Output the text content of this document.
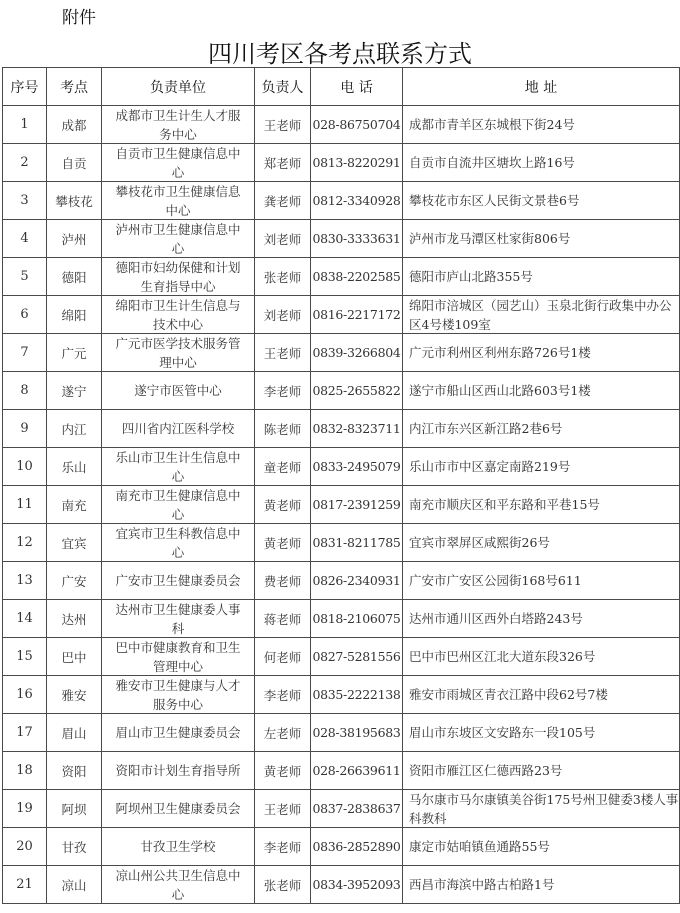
附件
四川考区各考点联系方式
序号	考点	负责单位	负责人	电 话	地 址
1	成都	成都市卫生计生人才服务中心	王老师	028-86750704	成都市青羊区东城根下街24号

2	自贡	自贡市卫生健康信息中心	郑老师	0813-8220291	自贡市自流井区塘坎上路16号

3	攀枝花	攀枝花市卫生健康信息中心	龚老师	0812-3340928	攀枝花市东区人民街文景巷6号

4	泸州	泸州市卫生健康信息中心	刘老师	0830-3333631	泸州市龙马潭区杜家街806号

5	德阳	德阳市妇幼保健和计划生育指导中心	张老师	0838-2202585	德阳市庐山北路355号

6	绵阳	绵阳市卫生计生信息与技术中心	刘老师	0816-2217172	绵阳市涪城区（园艺山）玉泉北街行政集中办公区4号楼109室

7	广元	广元市医学技术服务管理中心	王老师	0839-3266804	广元市利州区利州东路726号1楼

8	遂宁	遂宁市医管中心	李老师	0825-2655822	遂宁市船山区西山北路603号1楼

9	内江	四川省内江医科学校	陈老师	0832-8323711	内江市东兴区新江路2巷6号

10	乐山	乐山市卫生计生信息中心	童老师	0833-2495079	乐山市市中区嘉定南路219号

11	南充	南充市卫生健康信息中心	黄老师	0817-2391259	南充市顺庆区和平东路和平巷15号

12	宜宾	宜宾市卫生科教信息中心	黄老师	0831-8211785	宜宾市翠屏区咸熙街26号

13	广安	广安市卫生健康委员会	费老师	0826-2340931	广安市广安区公园街168号611

14	达州	达州市卫生健康委人事科	蒋老师	0818-2106075	达州市通川区西外白塔路243号

15	巴中	巴中市健康教育和卫生管理中心	何老师	0827-5281556	巴中市巴州区江北大道东段326号

16	雅安	雅安市卫生健康与人才服务中心	李老师	0835-2222138	雅安市雨城区青衣江路中段62号7楼

17	眉山	眉山市卫生健康委员会	左老师	028-38195683	眉山市东坡区文安路东一段105号

18	资阳	资阳市计划生育指导所	黄老师	028-26639611	资阳市雁江区仁德西路23号

19	阿坝	阿坝州卫生健康委员会	王老师	0837-2838637	马尔康市马尔康镇美谷街175号州卫健委3楼人事科教科

20	甘孜	甘孜卫生学校	李老师	0836-2852890	康定市姑咱镇鱼通路55号

21	凉山	凉山州公共卫生信息中心	张老师	0834-3952093	西昌市海滨中路古柏路1号
